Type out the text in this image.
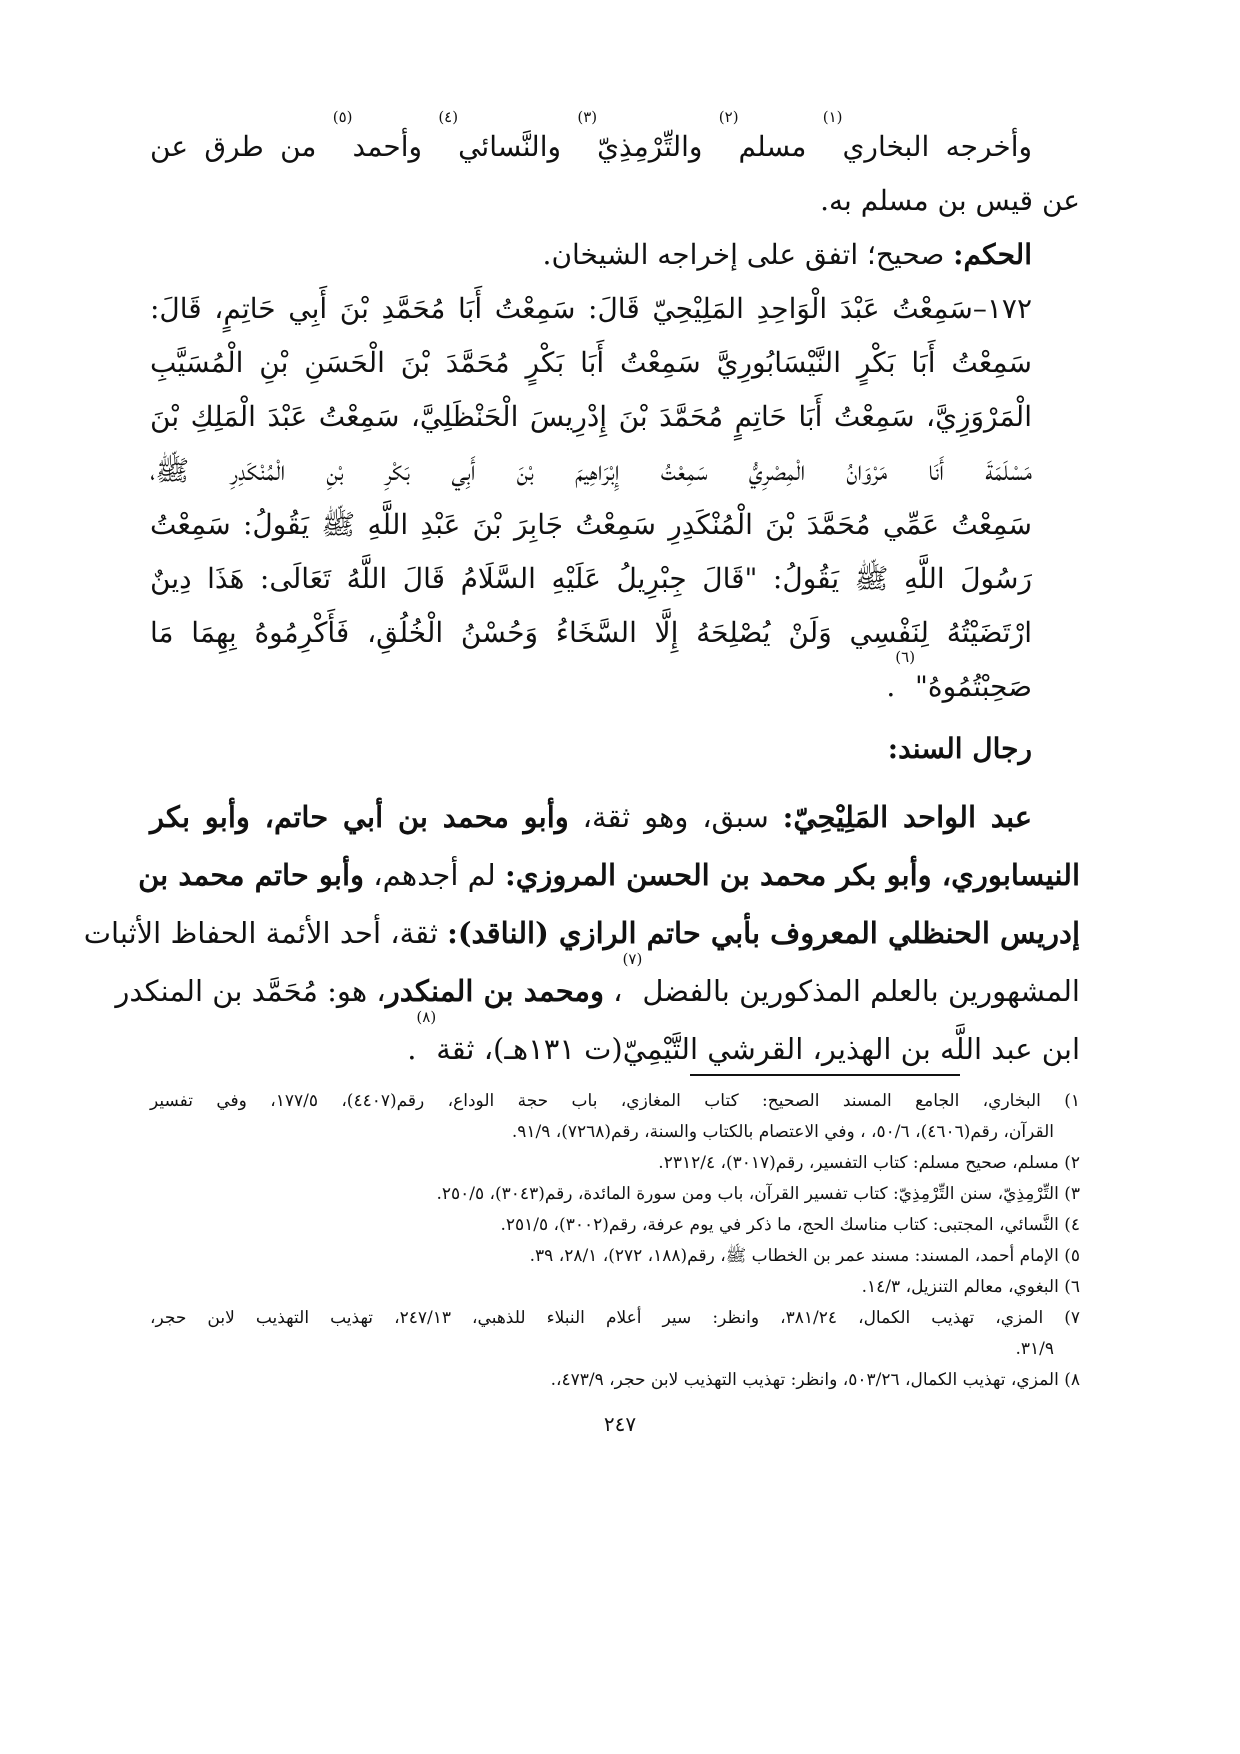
وأخرجه البخاري$^{(١)}$ مسلم$^{(٢)}$ والتِّرْمِذِيّ$^{(٣)}$ والنَّسائي$^{(٤)}$ وأحمد$^{(٥)}$ من طرق عن
عن قيس بن مسلم به.
الحكم: صحيح؛ اتفق على إخراجه الشيخان.
١٧٢–سَمِعْتُ عَبْدَ الْوَاحِدِ المَلِيْحِيّ قَالَ: سَمِعْتُ أَبَا مُحَمَّدِ بْنَ أَبِي حَاتِمٍ، قَالَ:
سَمِعْتُ أَبَا بَكْرٍ النَّيْسَابُورِيَّ سَمِعْتُ أَبَا بَكْرٍ مُحَمَّدَ بْنَ الْحَسَنِ بْنِ الْمُسَيَّبِ
الْمَرْوَزِيَّ، سَمِعْتُ أَبَا حَاتِمٍ مُحَمَّدَ بْنَ إِدْرِيسَ الْحَنْظَلِيَّ، سَمِعْتُ عَبْدَ الْمَلِكِ بْنَ
مَسْلَمَةَ أَنَا مَرْوَانُ الْمِصْرِيُّ سَمِعْتُ إِبْرَاهِيمَ بْنَ أَبِي بَكْرِ بْنِ الْمُنْكَدِرِ ﷺ،
سَمِعْتُ عَمِّي مُحَمَّدَ بْنَ الْمُنْكَدِرِ سَمِعْتُ جَابِرَ بْنَ عَبْدِ اللَّهِ ﷺ يَقُولُ: سَمِعْتُ
رَسُولَ اللَّهِ ﷺ يَقُولُ: "قَالَ جِبْرِيلُ عَلَيْهِ السَّلَامُ قَالَ اللَّهُ تَعَالَى: هَذَا دِينٌ
ارْتَضَيْتُهُ لِنَفْسِي وَلَنْ يُصْلِحَهُ إِلَّا السَّخَاءُ وَحُسْنُ الْخُلُقِ، فَأَكْرِمُوهُ بِهِمَا مَا
صَحِبْتُمُوهُ"$^{(٦)}$.
رجال السند:
عبد الواحد المَلِيْحِيّ: سبق، وهو ثقة، وأبو محمد بن أبي حاتم، وأبو بكر
النيسابوري، وأبو بكر محمد بن الحسن المروزي: لم أجدهم، وأبو حاتم محمد بن
إدريس الحنظلي المعروف بأبي حاتم الرازي (الناقد): ثقة، أحد الأئمة الحفاظ الأثبات
المشهورين بالعلم المذكورين بالفضل$^{(٧)}$، ومحمد بن المنكدر، هو: مُحَمَّد بن المنكدر
ابن عبد اللَّه بن الهذير، القرشي التَّيْمِيّ(ت ١٣١هـ)، ثقة$^{(٨)}$.
١) البخاري، الجامع المسند الصحيح: كتاب المغازي، باب حجة الوداع، رقم(٤٤٠٧)، ١٧٧/٥، وفي تفسير
القرآن، رقم(٤٦٠٦)، ٥٠/٦، ، وفي الاعتصام بالكتاب والسنة، رقم(٧٢٦٨)، ٩١/٩.
٢) مسلم، صحيح مسلم: كتاب التفسير، رقم(٣٠١٧)، ٢٣١٢/٤.
٣) التِّرْمِذِيّ، سنن التِّرْمِذِيّ: كتاب تفسير القرآن، باب ومن سورة المائدة، رقم(٣٠٤٣)، ٢٥٠/٥.
٤) النَّسائي، المجتبى: كتاب مناسك الحج، ما ذكر في يوم عرفة، رقم(٣٠٠٢)، ٢٥١/٥.
٥) الإمام أحمد، المسند: مسند عمر بن الخطاب ﷺ، رقم(١٨٨، ٢٧٢)، ٢٨/١، ٣٩.
٦) البغوي، معالم التنزيل، ١٤/٣.
٧) المزي، تهذيب الكمال، ٣٨١/٢٤، وانظر: سير أعلام النبلاء للذهبي، ٢٤٧/١٣، تهذيب التهذيب لابن حجر،
٣١/٩.
٨) المزي، تهذيب الكمال، ٥٠٣/٢٦، وانظر: تهذيب التهذيب لابن حجر، ٤٧٣/٩،.
٢٤٧
